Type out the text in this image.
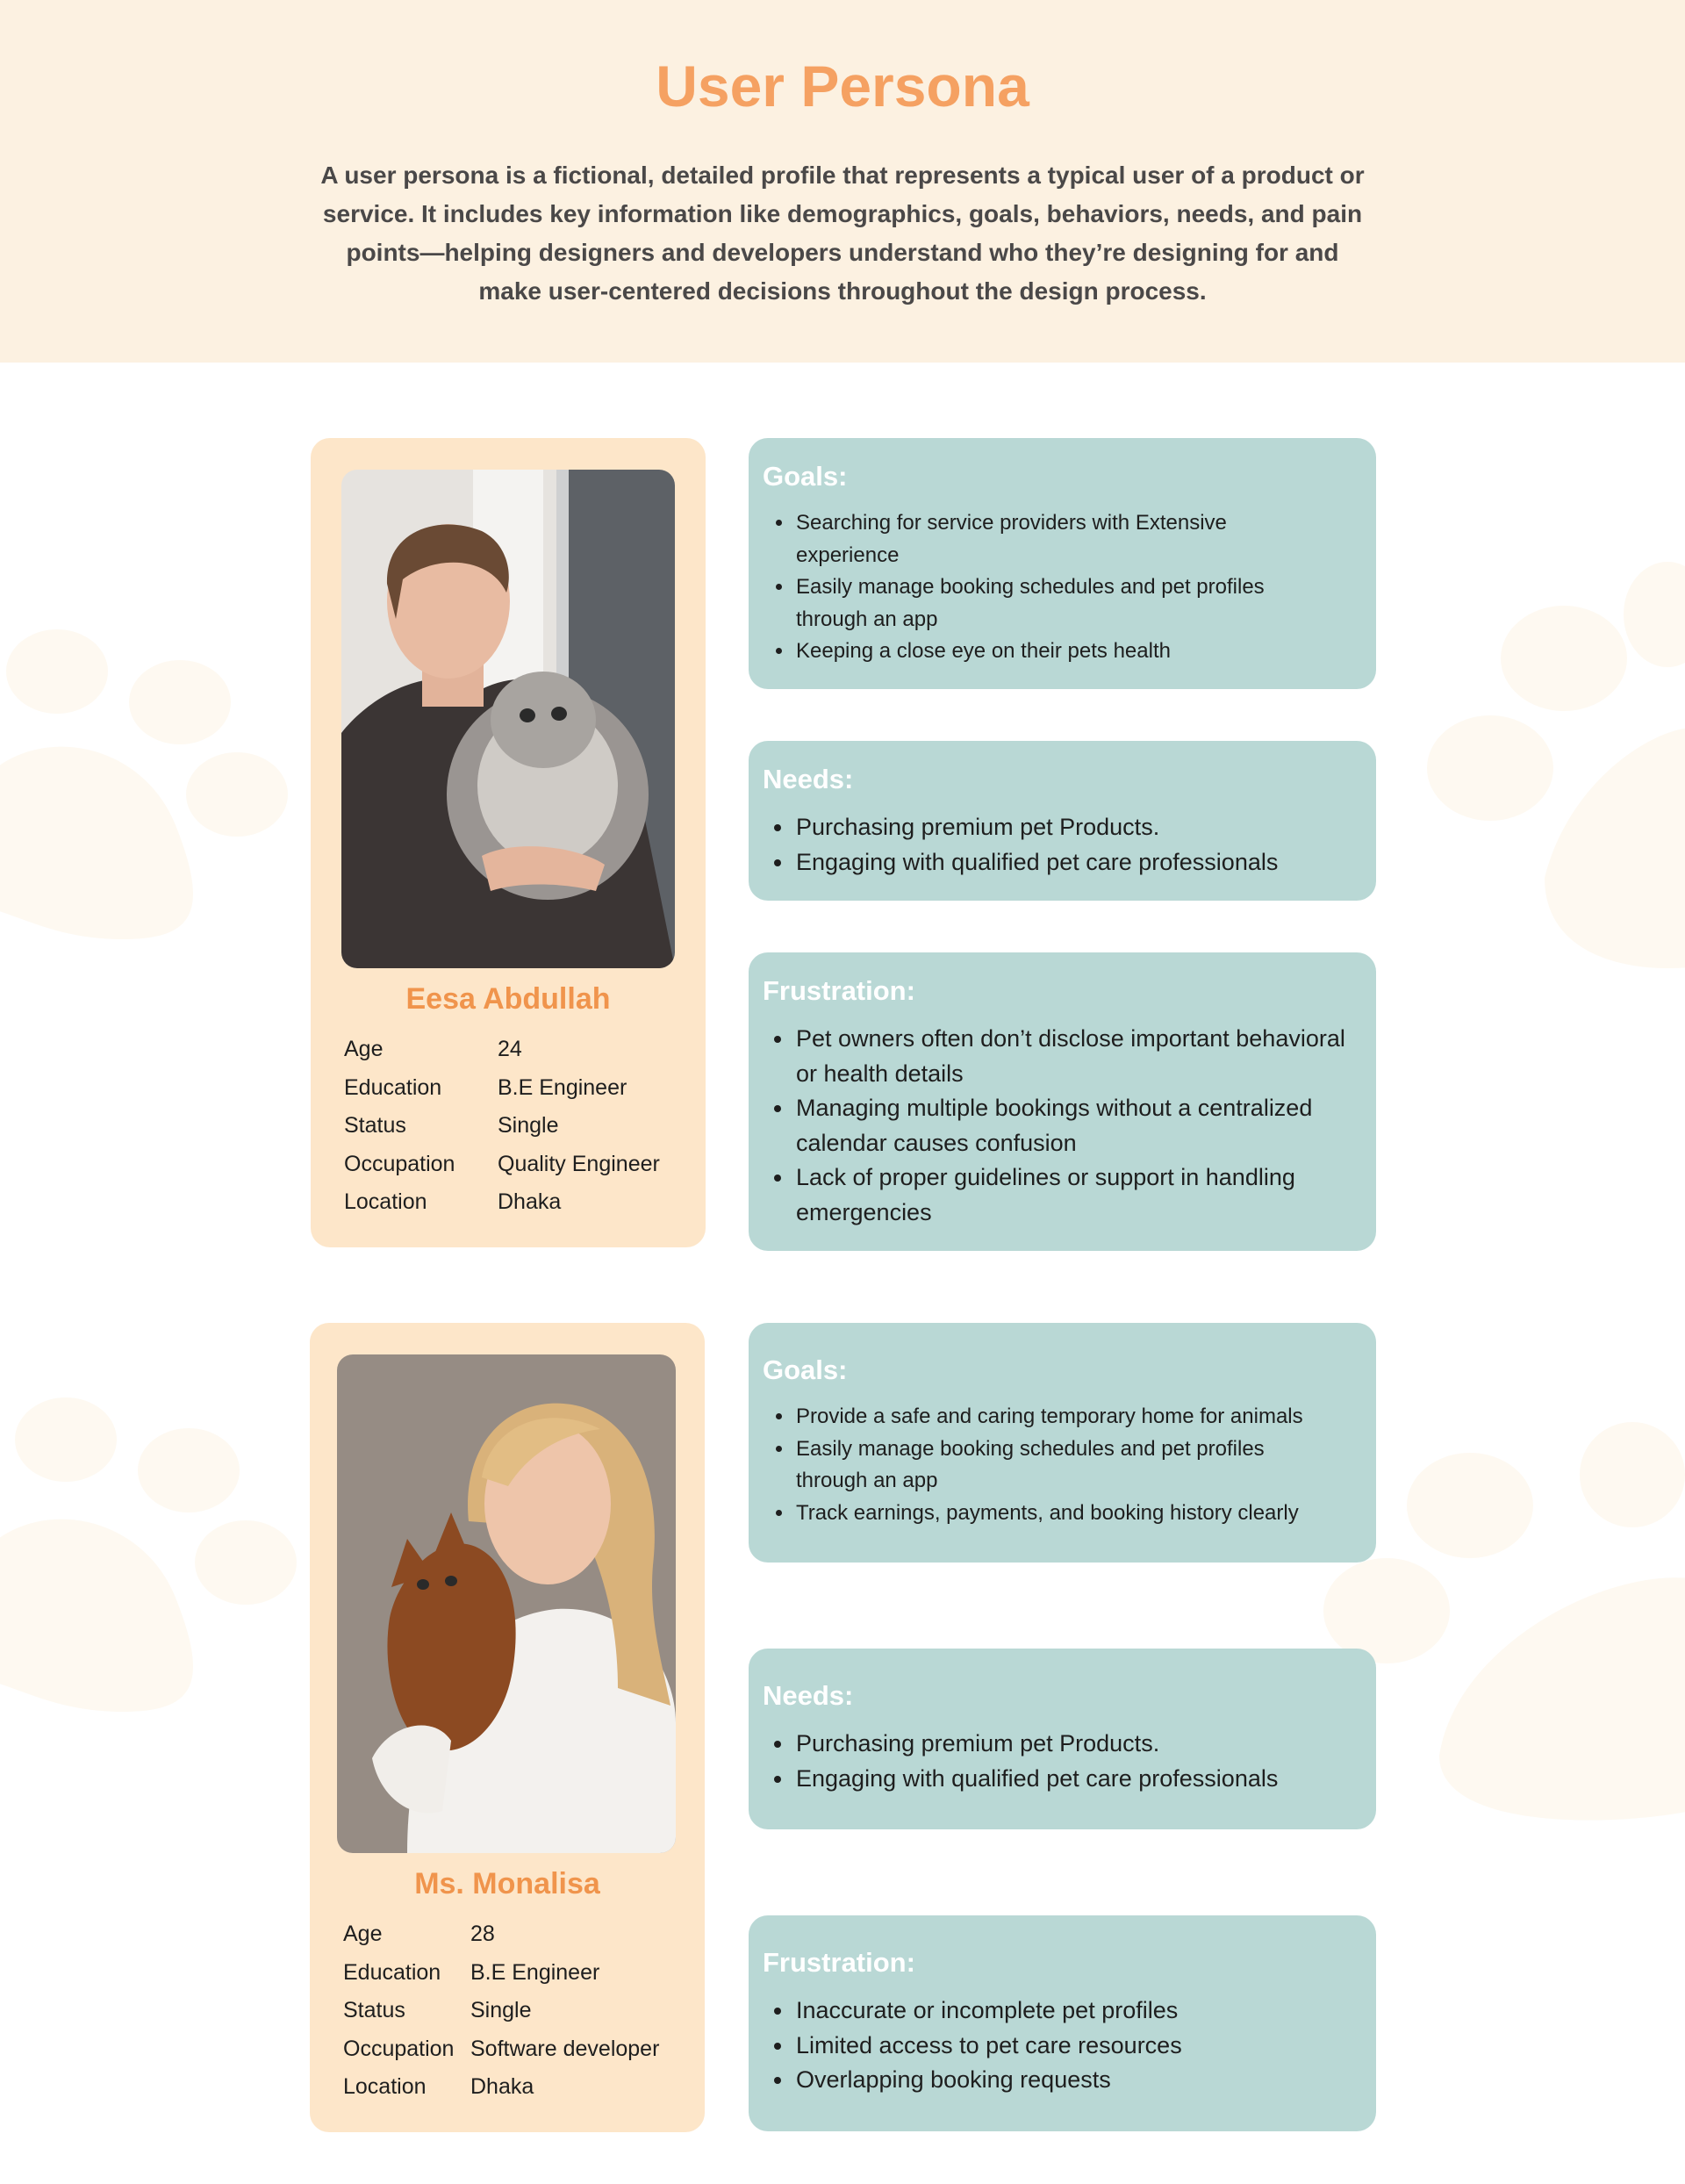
User Persona

A user persona is a fictional, detailed profile that represents a typical user of a product or service. It includes key information like demographics, goals, behaviors, needs, and pain points—helping designers and developers understand who they’re designing for and make user-centered decisions throughout the design process.

Eesa Abdullah
Age	24
Education	B.E Engineer
Status	Single
Occupation	Quality Engineer
Location	Dhaka
Goals:
• Searching for service providers with Extensive experience
• Easily manage booking schedules and pet profiles through an app
• Keeping a close eye on their pets health
Needs:
• Purchasing premium pet Products.
• Engaging with qualified pet care professionals
Frustration:
• Pet owners often don’t disclose important behavioral or health details
• Managing multiple bookings without a centralized calendar causes confusion
• Lack of proper guidelines or support in handling emergencies
Ms. Monalisa
Age	28
Education	B.E Engineer
Status	Single
Occupation Software developer
Location	Dhaka
Goals:
• Provide a safe and caring temporary home for animals
• Easily manage booking schedules and pet profiles through an app
• Track earnings, payments, and booking history clearly
Needs:
• Purchasing premium pet Products.
• Engaging with qualified pet care professionals
Frustration:
• Inaccurate or incomplete pet profiles
• Limited access to pet care resources
• Overlapping booking requests
